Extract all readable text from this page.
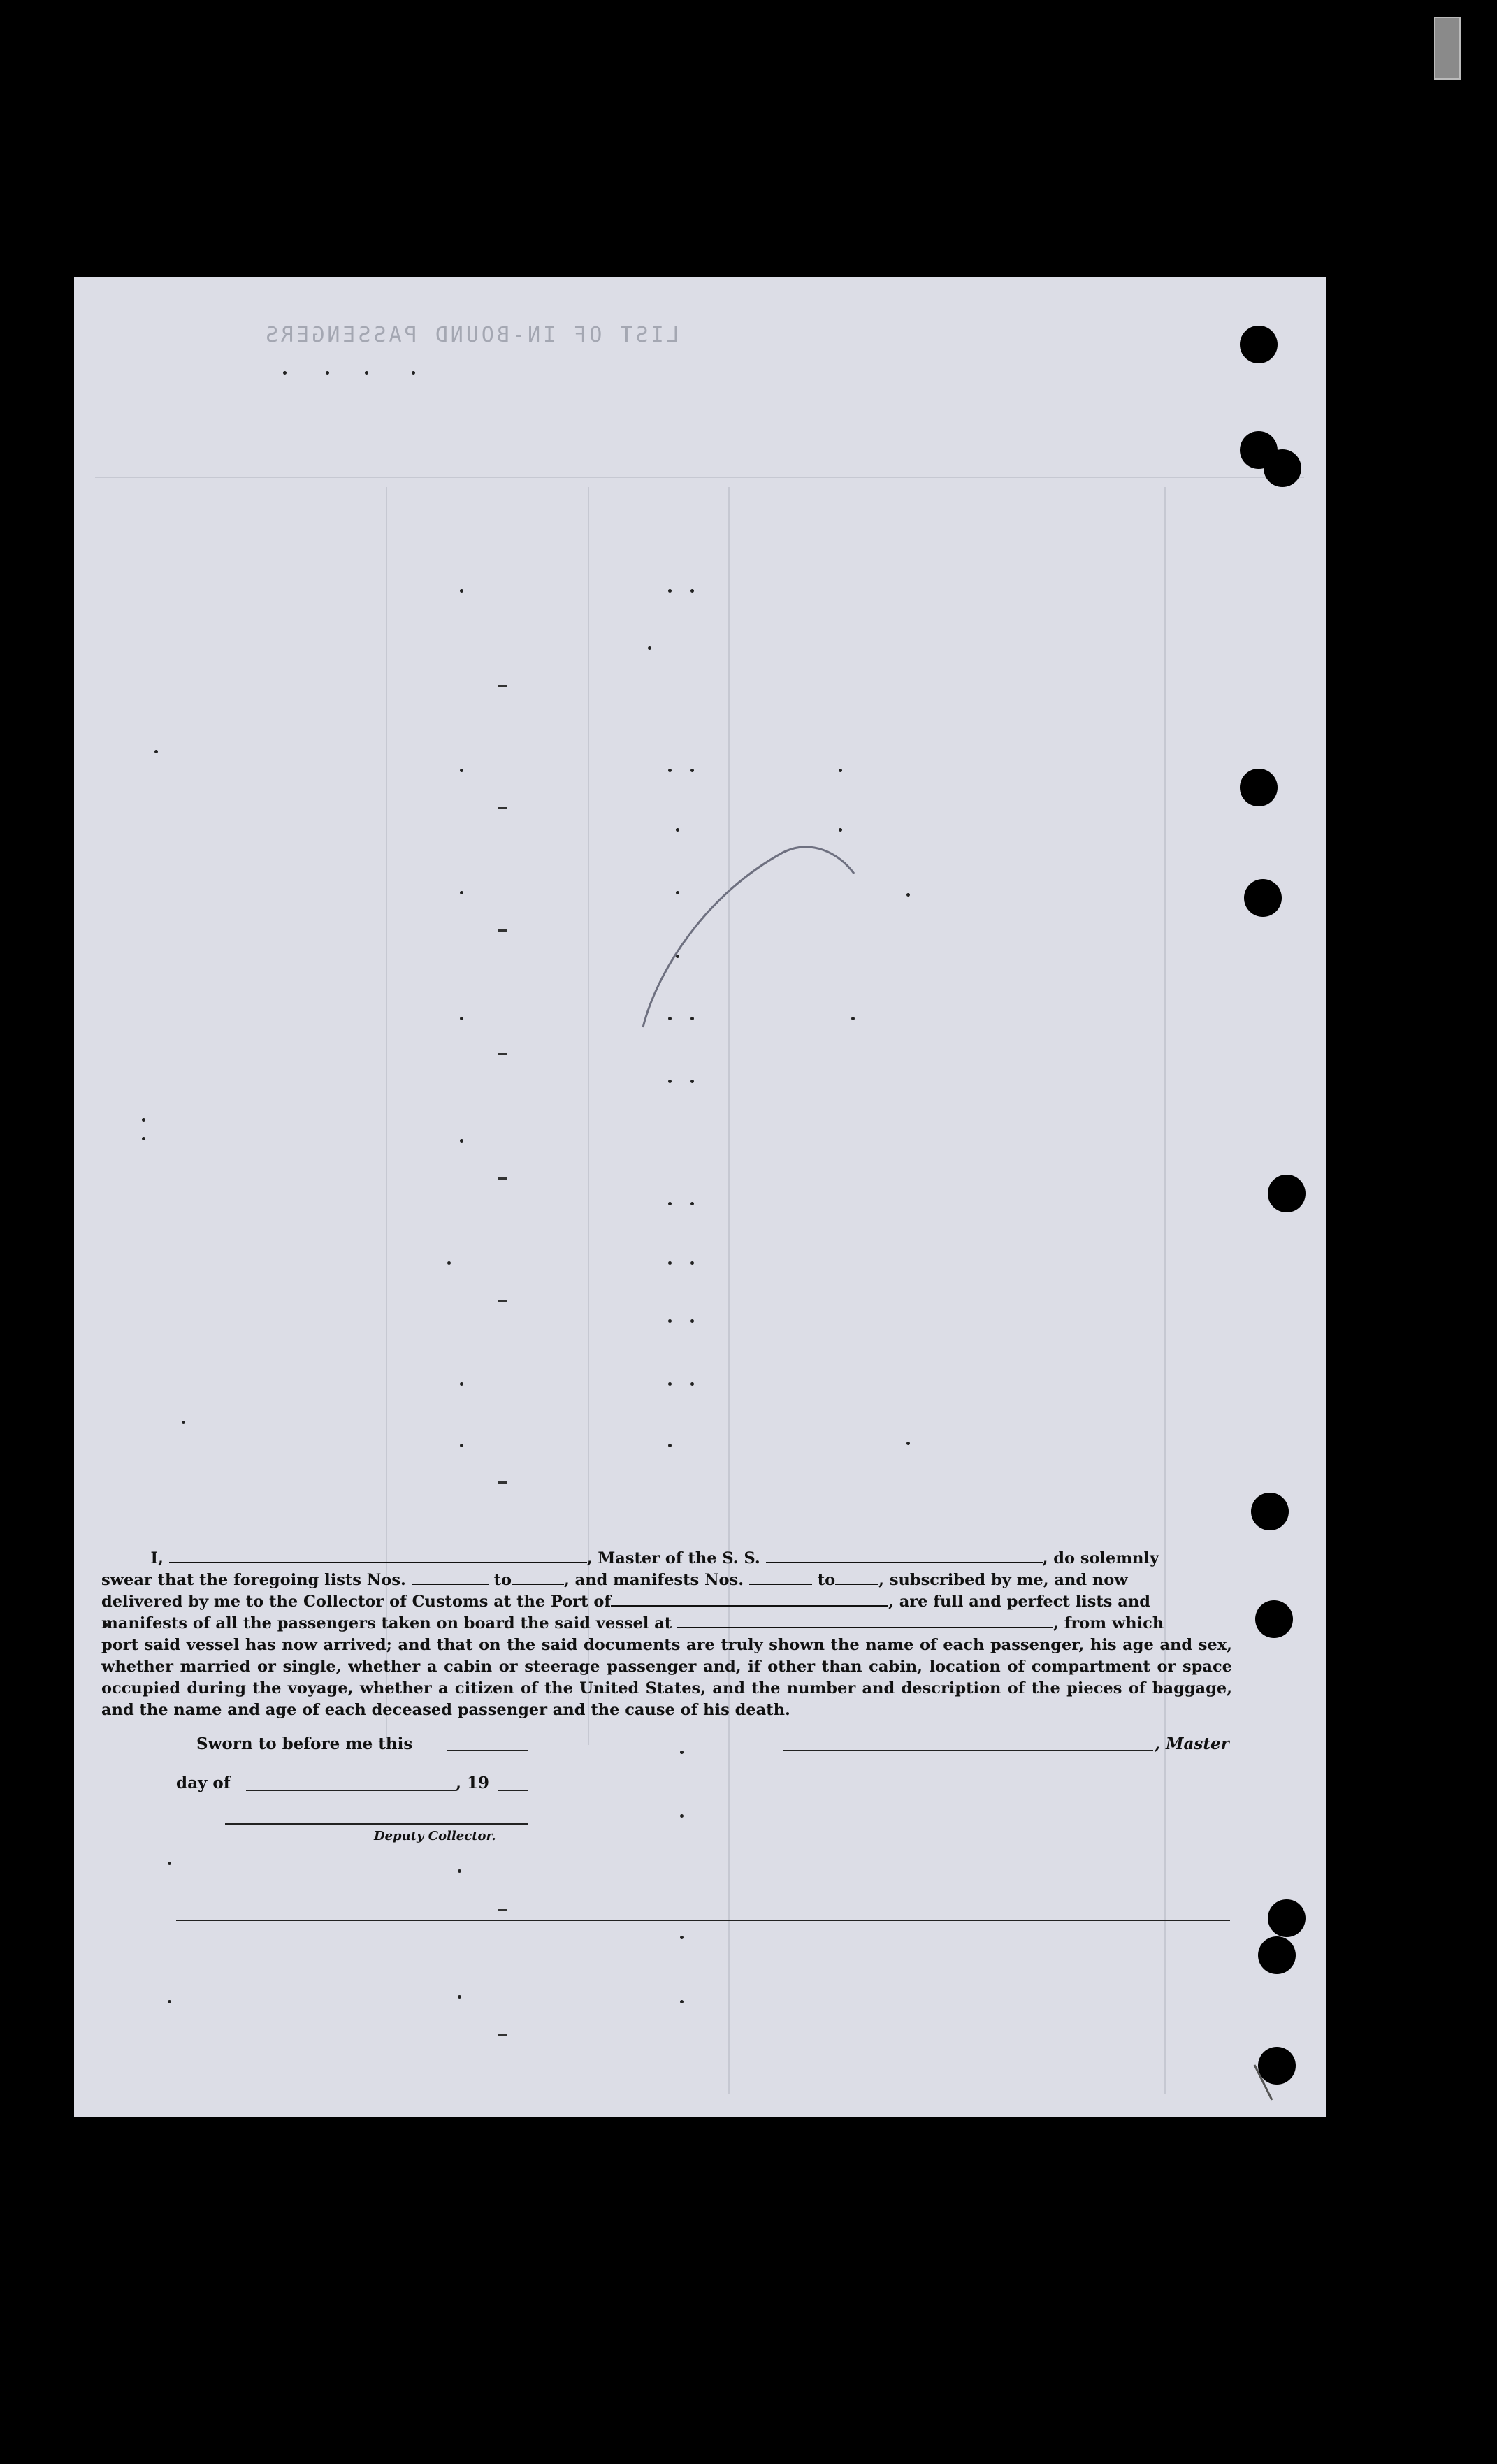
LIST OF IN-BOUND PASSENGERS

I,	, Master of the S. S.	, do solemnly

swear that the foregoing lists Nos.	to	, and manifests Nos.	to	, subscribed by me, and now

delivered by me to the Collector of Customs at the Port of	, are full and perfect lists and

manifests of all the passengers taken on board the said vessel at	, from which

port said vessel has now arrived; and that on the said documents are truly shown the name of each passenger, his age and sex, whether married or single, whether a cabin or steerage passenger and, if other than cabin, location of compartment or space occupied during the voyage, whether a citizen of the United States, and the number and description of the pieces of baggage, and the name and age of each deceased passenger and the cause of his death.

Sworn to before me this	, Master
day of	, 19
Deputy Collector.
